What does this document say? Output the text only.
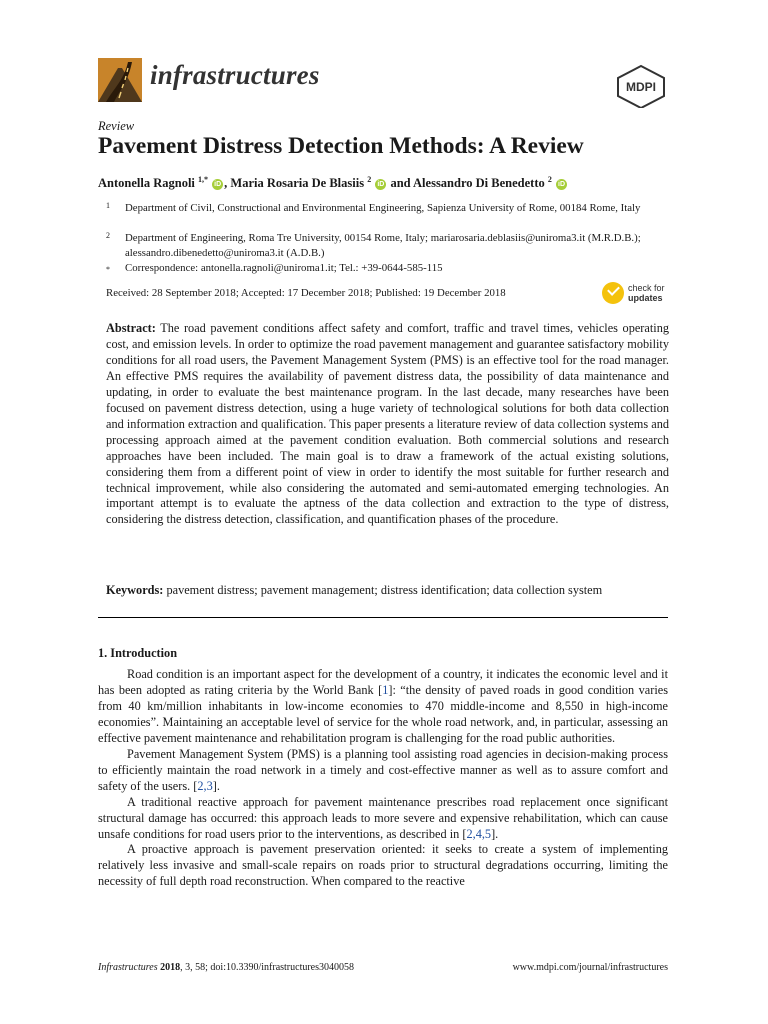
infrastructures	MDPI
Review
Pavement Distress Detection Methods: A Review
Antonella Ragnoli $^{1,*}$ iD , Maria Rosaria De Blasiis $^2$ iD and Alessandro Di Benedetto $^2$ iD
1 Department of Civil, Constructional and Environmental Engineering, Sapienza University of Rome, 00184 Rome, Italy
2 Department of Engineering, Roma Tre University, 00154 Rome, Italy; mariarosaria.deblasiis@uniroma3.it (M.R.D.B.); alessandro.dibenedetto@uniroma3.it (A.D.B.)
* Correspondence: antonella.ragnoli@uniroma1.it; Tel.: +39-0644-585-115
Received: 28 September 2018; Accepted: 17 December 2018; Published: 19 December 2018	check for
updates
Abstract: The road pavement conditions affect safety and comfort, traffic and travel times, vehicles operating cost, and emission levels. In order to optimize the road pavement management and guarantee satisfactory mobility conditions for all road users, the Pavement Management System (PMS) is an effective tool for the road manager. An effective PMS requires the availability of pavement distress data, the possibility of data maintenance and updating, in order to evaluate the best maintenance program. In the last decade, many researches have been focused on pavement distress detection, using a huge variety of technological solutions for both data collection and information extraction and qualification. This paper presents a literature review of data collection systems and processing approach aimed at the pavement condition evaluation. Both commercial solutions and research approaches have been included. The main goal is to draw a framework of the actual existing solutions, considering them from a different point of view in order to identify the most suitable for further research and technical improvement, while also considering the automated and semi-automated emerging technologies. An important attempt is to evaluate the aptness of the data collection and extraction to the type of distress, considering the distress detection, classification, and quantification phases of the procedure.
Keywords: pavement distress; pavement management; distress identification; data collection system
1. Introduction

Road condition is an important aspect for the development of a country, it indicates the economic level and it has been adopted as rating criteria by the World Bank [1]: “the density of paved roads in good condition varies from 40 km/million inhabitants in low-income economies to 470 middle-income and 8,550 in high-income economies”. Maintaining an acceptable level of service for the whole road network, and, in particular, assessing an effective pavement maintenance and rehabilitation program is challenging for the road public authorities.

Pavement Management System (PMS) is a planning tool assisting road agencies in decision-making process to efficiently maintain the road network in a timely and cost-effective manner as well as to assure comfort and safety of the users. [2,3].

A traditional reactive approach for pavement maintenance prescribes road replacement once significant structural damage has occurred: this approach leads to more severe and expensive rehabilitation, which can cause unsafe conditions for road users prior to the interventions, as described in [2,4,5].

A proactive approach is pavement preservation oriented: it seeks to create a system of implementing relatively less invasive and small-scale repairs on roads prior to structural degradations occurring, limiting the necessity of full depth road reconstruction. When compared to the reactive

Infrastructures 2018, 3, 58; doi:10.3390/infrastructures3040058	www.mdpi.com/journal/infrastructures
